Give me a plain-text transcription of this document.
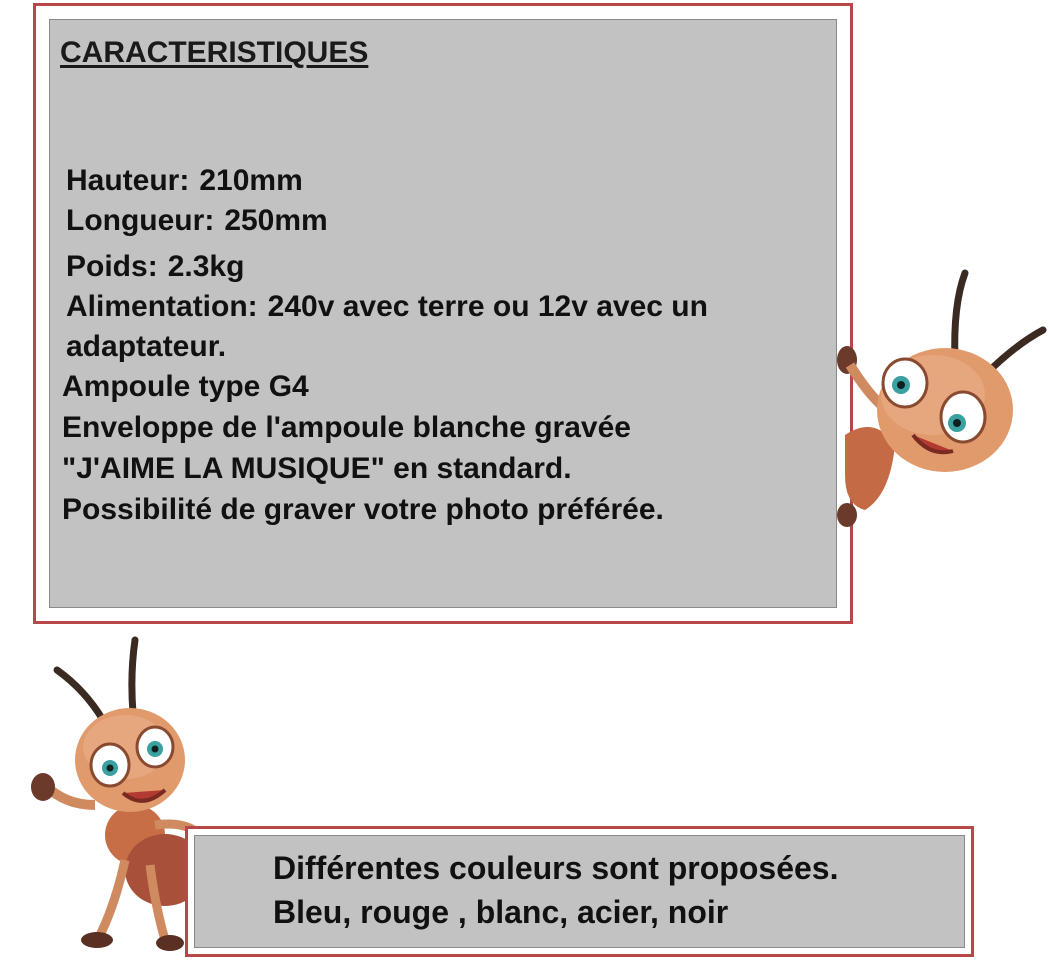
CARACTERISTIQUES

Hauteur : 210mm

Longueur : 250mm

Poids : 2.3kg

Alimentation : 240v avec terre ou 12v avec un

adaptateur.

Ampoule type G4

Enveloppe de l'ampoule blanche gravée

"J'AIME LA MUSIQUE" en standard.

Possibilité de graver votre photo préférée.

Différentes couleurs sont proposées.

Bleu, rouge , blanc, acier, noir
